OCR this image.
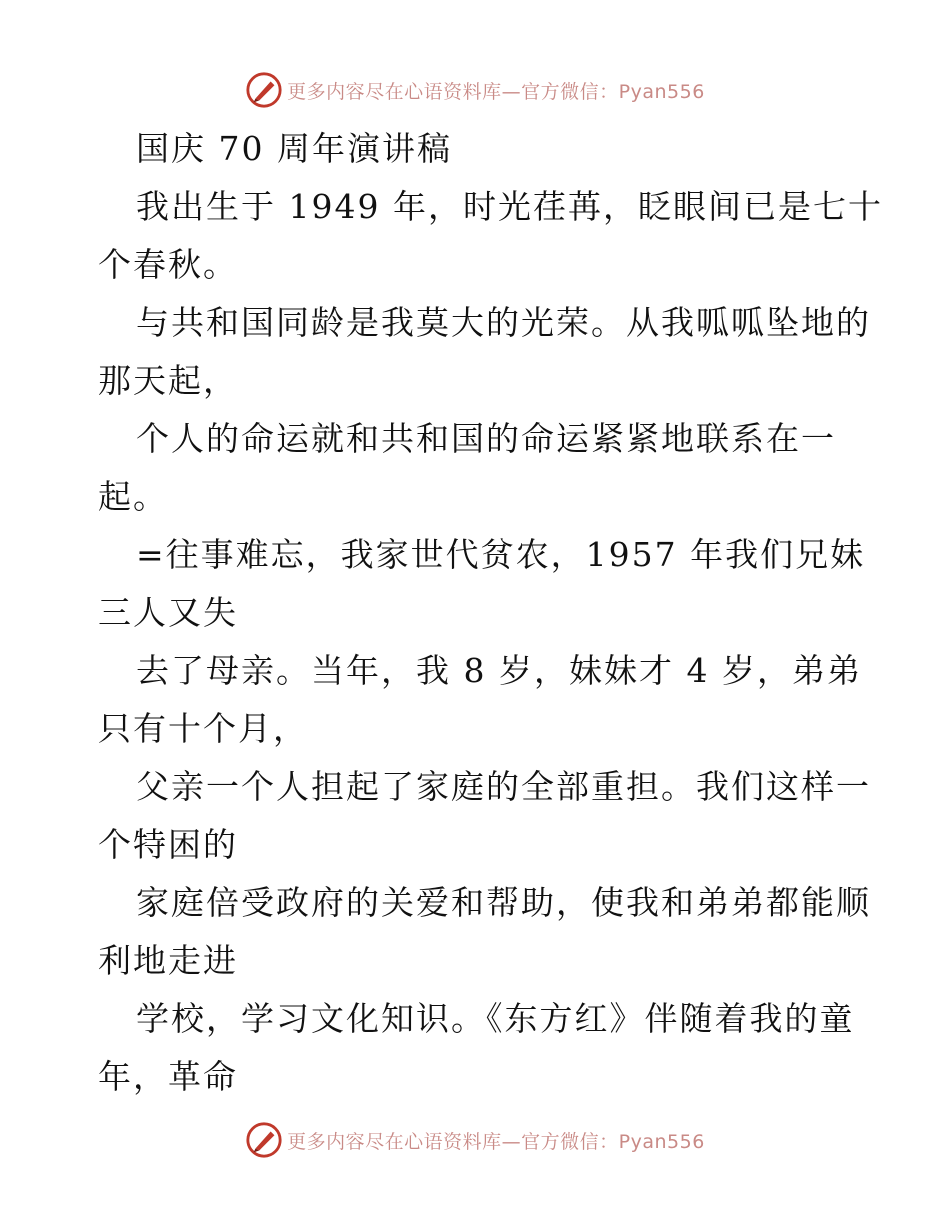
更多内容尽在心语资料库—官方微信：Pyan556
国庆 70 周年演讲稿
我出生于 1949 年，时光荏苒，眨眼间已是七十
个春秋。
与共和国同龄是我莫大的光荣。从我呱呱坠地的
那天起，
个人的命运就和共和国的命运紧紧地联系在一
起。
=往事难忘，我家世代贫农，1957 年我们兄妹
三人又失
去了母亲。当年，我 8 岁，妹妹才 4 岁，弟弟
只有十个月，
父亲一个人担起了家庭的全部重担。我们这样一
个特困的
家庭倍受政府的关爱和帮助，使我和弟弟都能顺
利地走进
学校，学习文化知识。《东方红》伴随着我的童
年，革命
更多内容尽在心语资料库—官方微信：Pyan556
